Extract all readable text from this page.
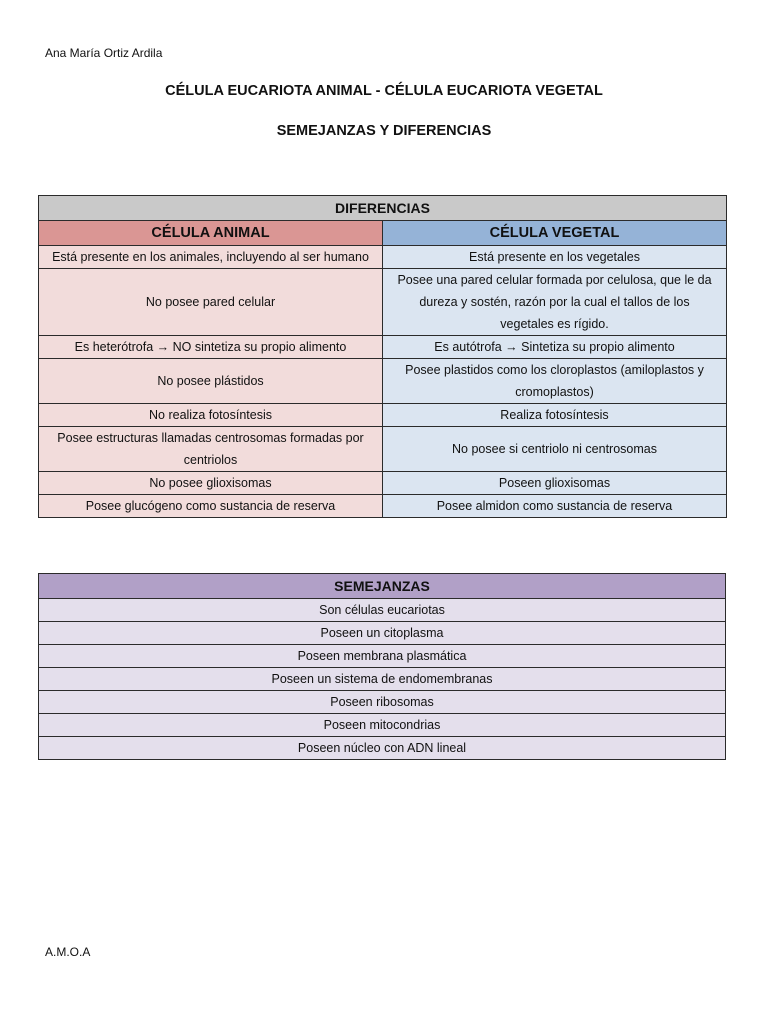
Ana María Ortiz Ardila
CÉLULA EUCARIOTA ANIMAL - CÉLULA EUCARIOTA VEGETAL
SEMEJANZAS Y DIFERENCIAS
DIFERENCIAS	
CÉLULA ANIMAL	CÉLULA VEGETAL
Está presente en los animales, incluyendo al ser humano	Está presente en los vegetales
No posee pared celular	Posee una pared celular formada por celulosa, que le da dureza y sostén, razón por la cual el tallos de los vegetales es rígido.
Es heterótrofa → NO sintetiza su propio alimento	Es autótrofa → Sintetiza su propio alimento
No posee plástidos	Posee plastidos como los cloroplastos (amiloplastos y cromoplastos)
No realiza fotosíntesis	Realiza fotosíntesis
Posee estructuras llamadas centrosomas formadas por centriolos	No posee si centriolo ni centrosomas
No posee glioxisomas	Poseen glioxisomas
Posee glucógeno como sustancia de reserva	Posee almidon como sustancia de reserva
SEMEJANZAS
Son células eucariotas
Poseen un citoplasma
Poseen membrana plasmática
Poseen un sistema de endomembranas
Poseen ribosomas
Poseen mitocondrias
Poseen núcleo con ADN lineal
A.M.O.A
